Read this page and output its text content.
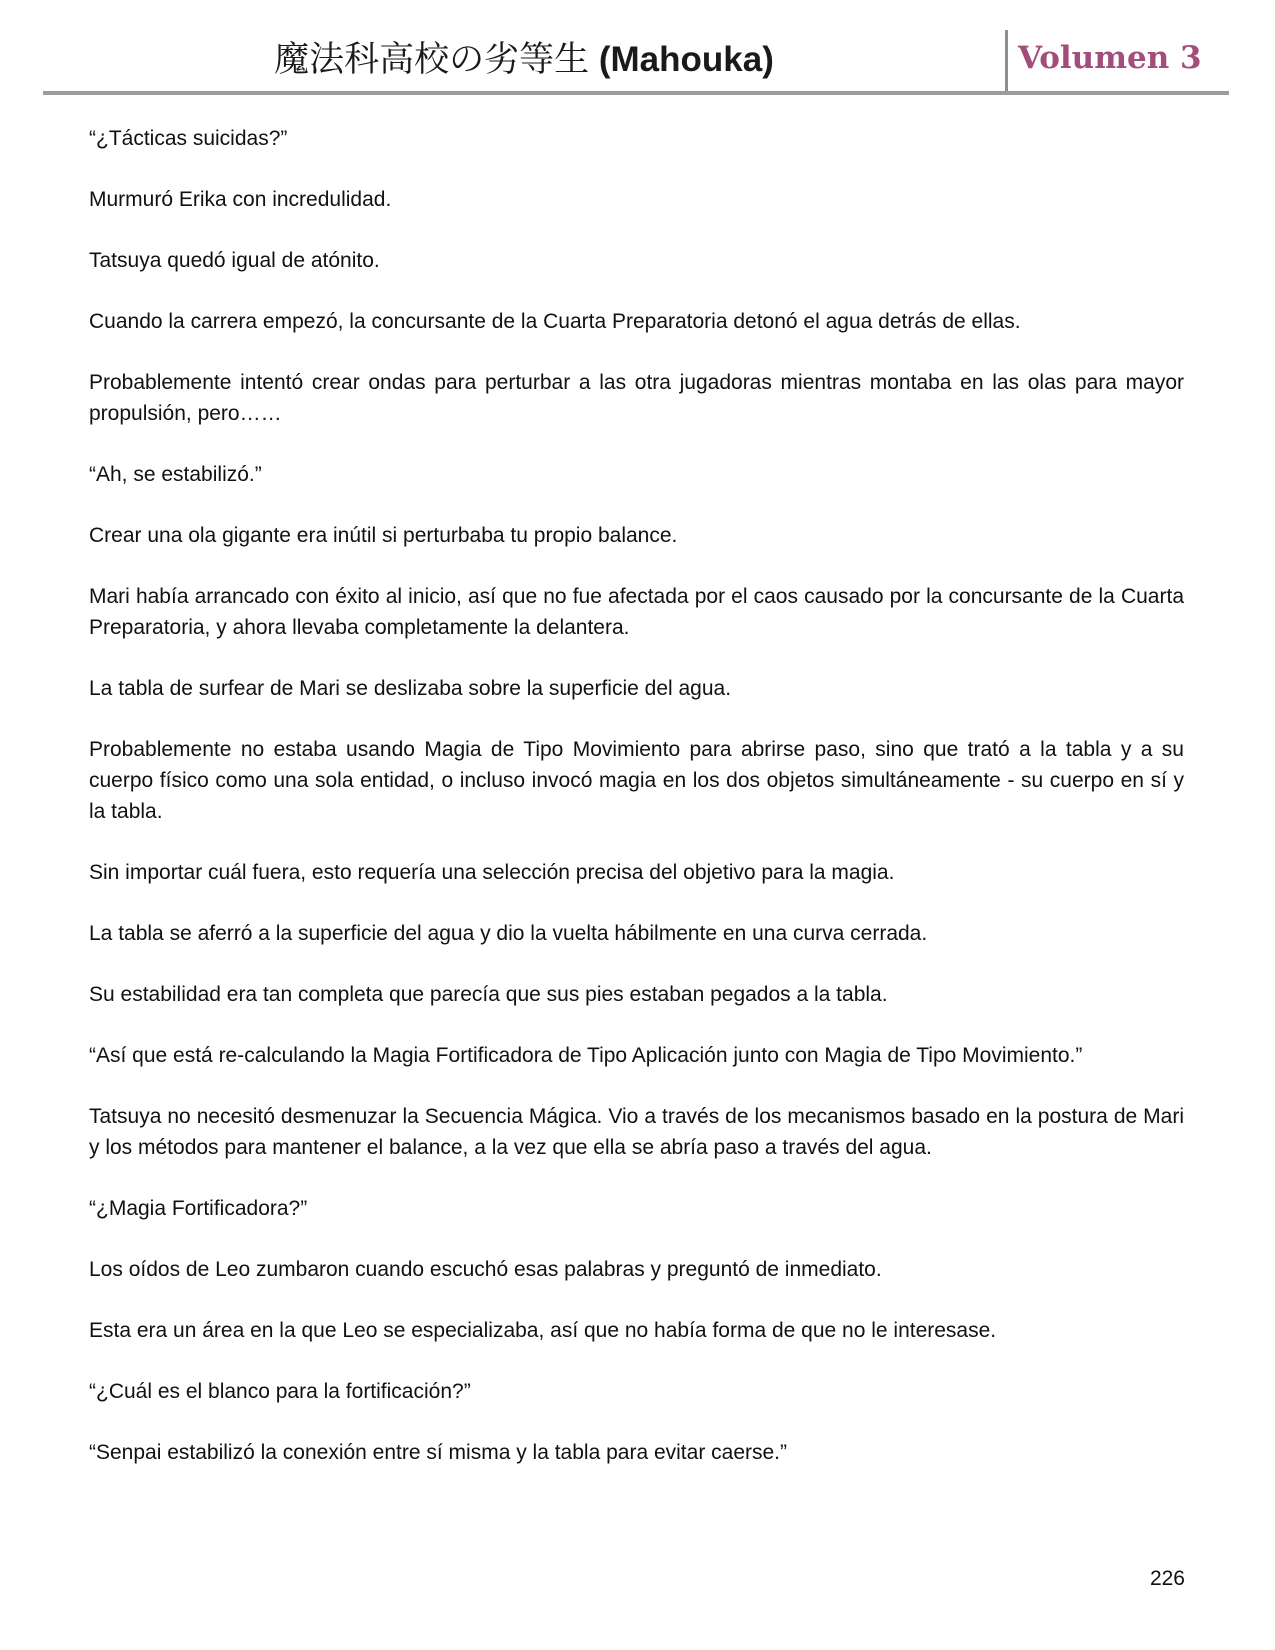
魔法科高校の劣等生 (Mahouka)	Volumen 3

“¿Tácticas suicidas?”

Murmuró Erika con incredulidad.

Tatsuya quedó igual de atónito.

Cuando la carrera empezó, la concursante de la Cuarta Preparatoria detonó el agua detrás de ellas.

Probablemente intentó crear ondas para perturbar a las otra jugadoras mientras montaba en las olas para mayor propulsión, pero……

“Ah, se estabilizó.”

Crear una ola gigante era inútil si perturbaba tu propio balance.

Mari había arrancado con éxito al inicio, así que no fue afectada por el caos causado por la concursante de la Cuarta Preparatoria, y ahora llevaba completamente la delantera.

La tabla de surfear de Mari se deslizaba sobre la superficie del agua.

Probablemente no estaba usando Magia de Tipo Movimiento para abrirse paso, sino que trató a la tabla y a su cuerpo físico como una sola entidad, o incluso invocó magia en los dos objetos simultáneamente - su cuerpo en sí y la tabla.

Sin importar cuál fuera, esto requería una selección precisa del objetivo para la magia.

La tabla se aferró a la superficie del agua y dio la vuelta hábilmente en una curva cerrada.

Su estabilidad era tan completa que parecía que sus pies estaban pegados a la tabla.

“Así que está re-calculando la Magia Fortificadora de Tipo Aplicación junto con Magia de Tipo Movimiento.”

Tatsuya no necesitó desmenuzar la Secuencia Mágica. Vio a través de los mecanismos basado en la postura de Mari y los métodos para mantener el balance, a la vez que ella se abría paso a través del agua.

“¿Magia Fortificadora?”

Los oídos de Leo zumbaron cuando escuchó esas palabras y preguntó de inmediato.

Esta era un área en la que Leo se especializaba, así que no había forma de que no le interesase.

“¿Cuál es el blanco para la fortificación?”

“Senpai estabilizó la conexión entre sí misma y la tabla para evitar caerse.”

226
